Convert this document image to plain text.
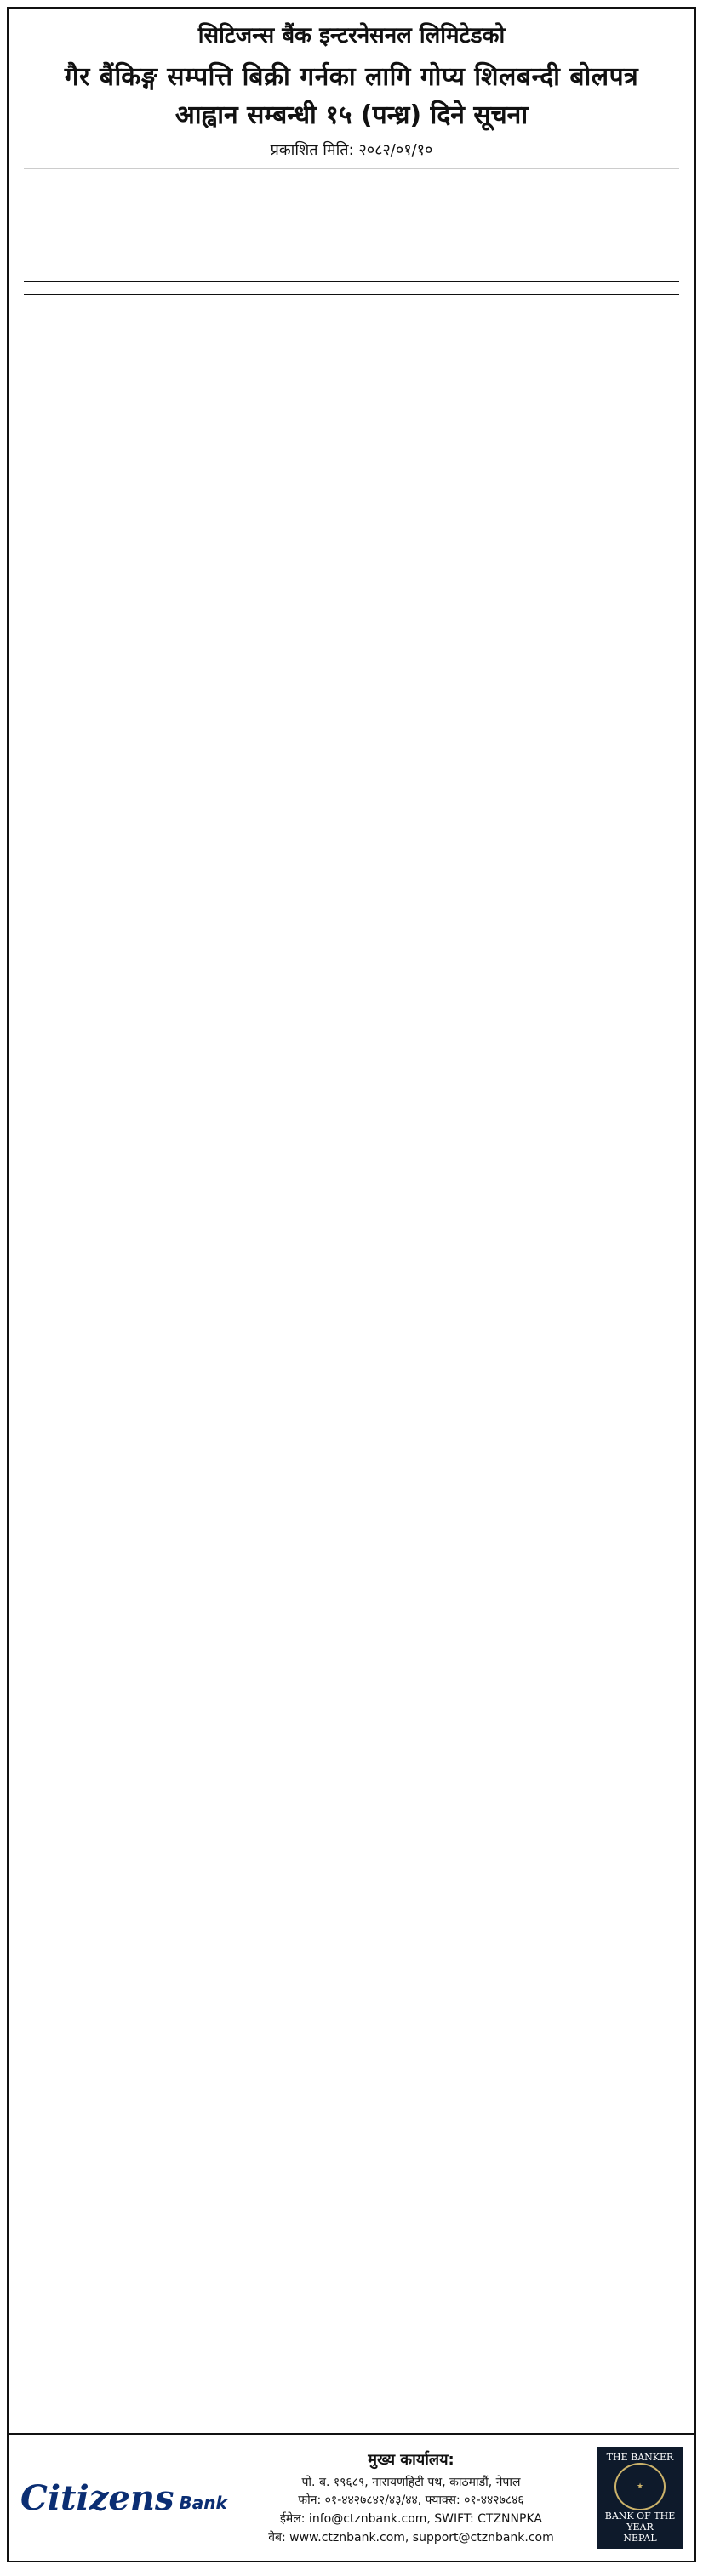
सिटिजन्स बैंक इन्टरनेसनल लिमिटेडको
गैर बैंकिङ्ग सम्पत्ति बिक्री गर्नका लागि गोप्य शिलबन्दी बोलपत्र
आह्वान सम्बन्धी १५ (पन्ध्र) दिने सूचना
प्रकाशित मिति: २०८२/०१/१०
Citizens Bank
मुख्य कार्यालय:
पो. ब. १९६८९, नारायणहिटी पथ, काठमाडौं, नेपाल
फोन: ०१-४४२७८४२/४३/४४, फ्याक्स: ०१-४४२७८४६
ईमेल: info@ctznbank.com, SWIFT: CTZNNPKA
वेब: www.ctznbank.com, support@ctznbank.com
THE BANKER
★
BANK OF THE YEAR
NEPAL
